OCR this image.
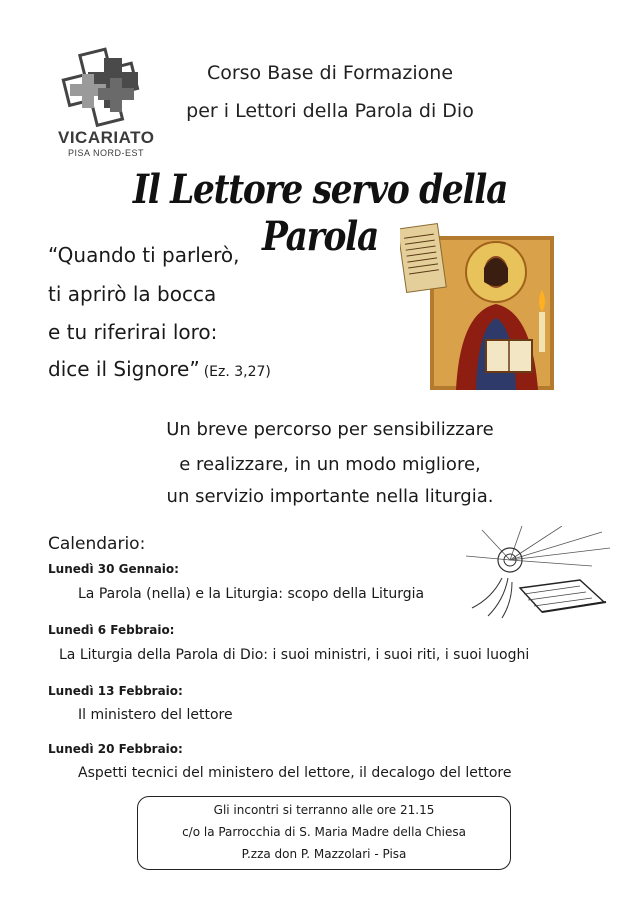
VICARIATO
PISA NORD-EST
Corso Base di Formazione
per i Lettori della Parola di Dio
Il Lettore servo della Parola
“Quando ti parlerò,
ti aprirò la bocca
e tu riferirai loro:
dice il Signore” (Ez. 3,27)
Un breve percorso per sensibilizzare
e realizzare, in un modo migliore,
un servizio importante nella liturgia.
Calendario:
Lunedì 30 Gennaio:
La Parola (nella) e la Liturgia: scopo della Liturgia
Lunedì 6 Febbraio:
La Liturgia della Parola di Dio: i suoi ministri, i suoi riti, i suoi luoghi
Lunedì 13 Febbraio:
Il ministero del lettore
Lunedì 20 Febbraio:
Aspetti tecnici del ministero del lettore, il decalogo del lettore
Gli incontri si terranno alle ore 21.15
c/o la Parrocchia di S. Maria Madre della Chiesa
P.zza don P. Mazzolari - Pisa
